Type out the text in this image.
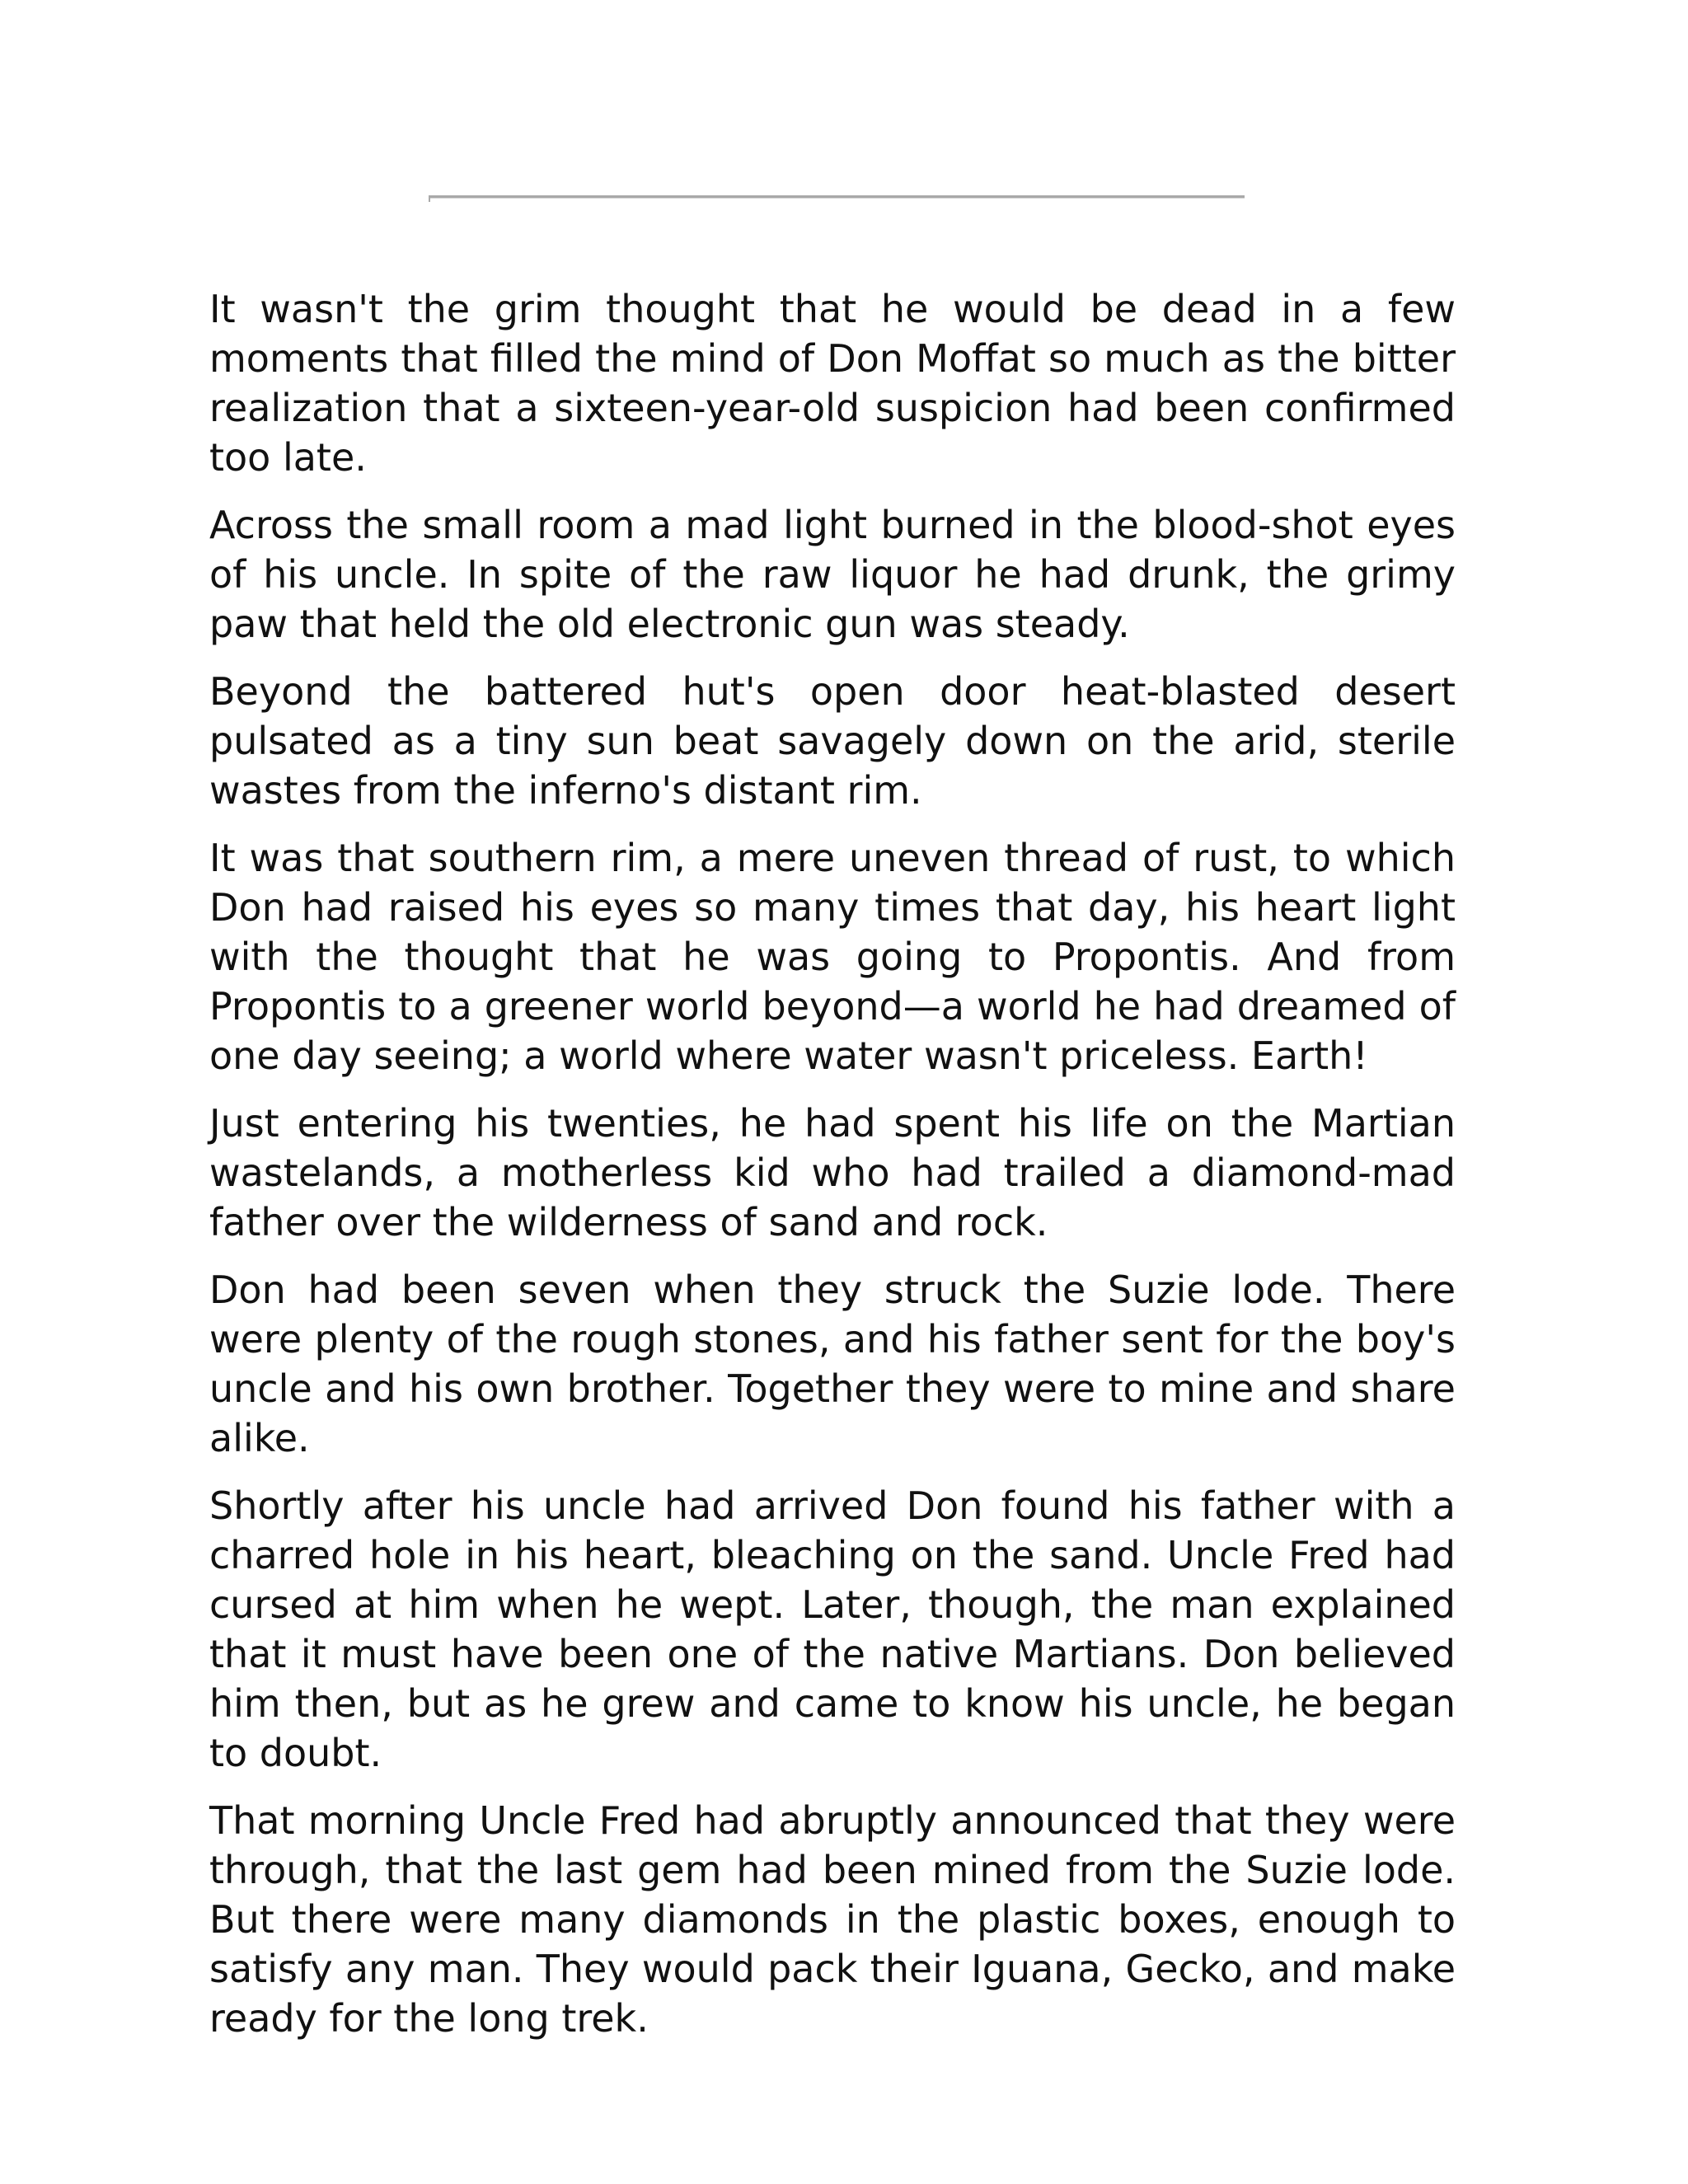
It wasn't the grim thought that he would be dead in a few moments that filled the mind of Don Moffat so much as the bitter realization that a sixteen-year-old suspicion had been confirmed too late.

Across the small room a mad light burned in the blood-shot eyes of his uncle. In spite of the raw liquor he had drunk, the grimy paw that held the old electronic gun was steady.

Beyond the battered hut's open door heat-blasted desert pulsated as a tiny sun beat savagely down on the arid, sterile wastes from the inferno's distant rim.

It was that southern rim, a mere uneven thread of rust, to which Don had raised his eyes so many times that day, his heart light with the thought that he was going to Propontis. And from Propontis to a greener world beyond—a world he had dreamed of one day seeing; a world where water wasn't priceless. Earth!

Just entering his twenties, he had spent his life on the Martian wastelands, a motherless kid who had trailed a diamond-mad father over the wilderness of sand and rock.

Don had been seven when they struck the Suzie lode. There were plenty of the rough stones, and his father sent for the boy's uncle and his own brother. Together they were to mine and share alike.

Shortly after his uncle had arrived Don found his father with a charred hole in his heart, bleaching on the sand. Uncle Fred had cursed at him when he wept. Later, though, the man explained that it must have been one of the native Martians. Don believed him then, but as he grew and came to know his uncle, he began to doubt.

That morning Uncle Fred had abruptly announced that they were through, that the last gem had been mined from the Suzie lode. But there were many diamonds in the plastic boxes, enough to satisfy any man. They would pack their Iguana, Gecko, and make ready for the long trek.
